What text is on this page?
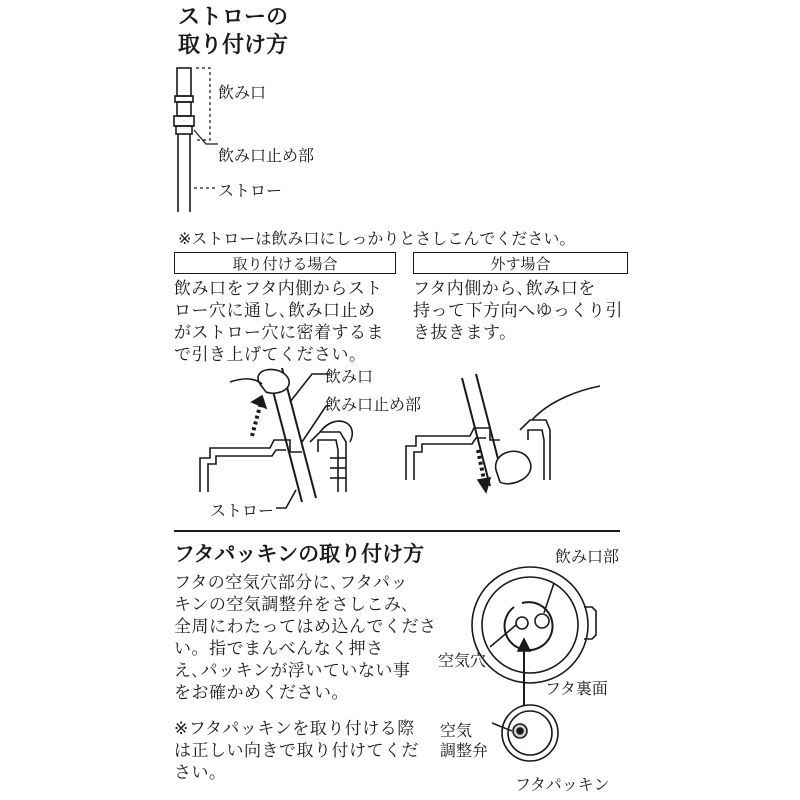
ストローの
取り付け方
飲み口
飲み口止め部
ストロー
※ストローは飲み口にしっかりとさしこんでください。
取り付ける場合
飲み口をフタ内側からスト
ロー穴に通し､飲み口止め
がストロー穴に密着するま
で引き上げてください。
外す場合
フタ内側から､飲み口を
持って下方向へゆっくり引
き抜きます。
飲み口
飲み口止め部
ストロー
フタパッキンの取り付け方
フタの空気穴部分に､フタパッ
キンの空気調整弁をさしこみ､
全周にわたってはめ込んでくださ
い。指でまんべんなく押さ
え､パッキンが浮いていない事
をお確かめください。
※フタパッキンを取り付ける際
は正しい向きで取り付けてくだ
さい。
飲み口部
空気穴
フタ裏面
空気
調整弁
フタパッキン
